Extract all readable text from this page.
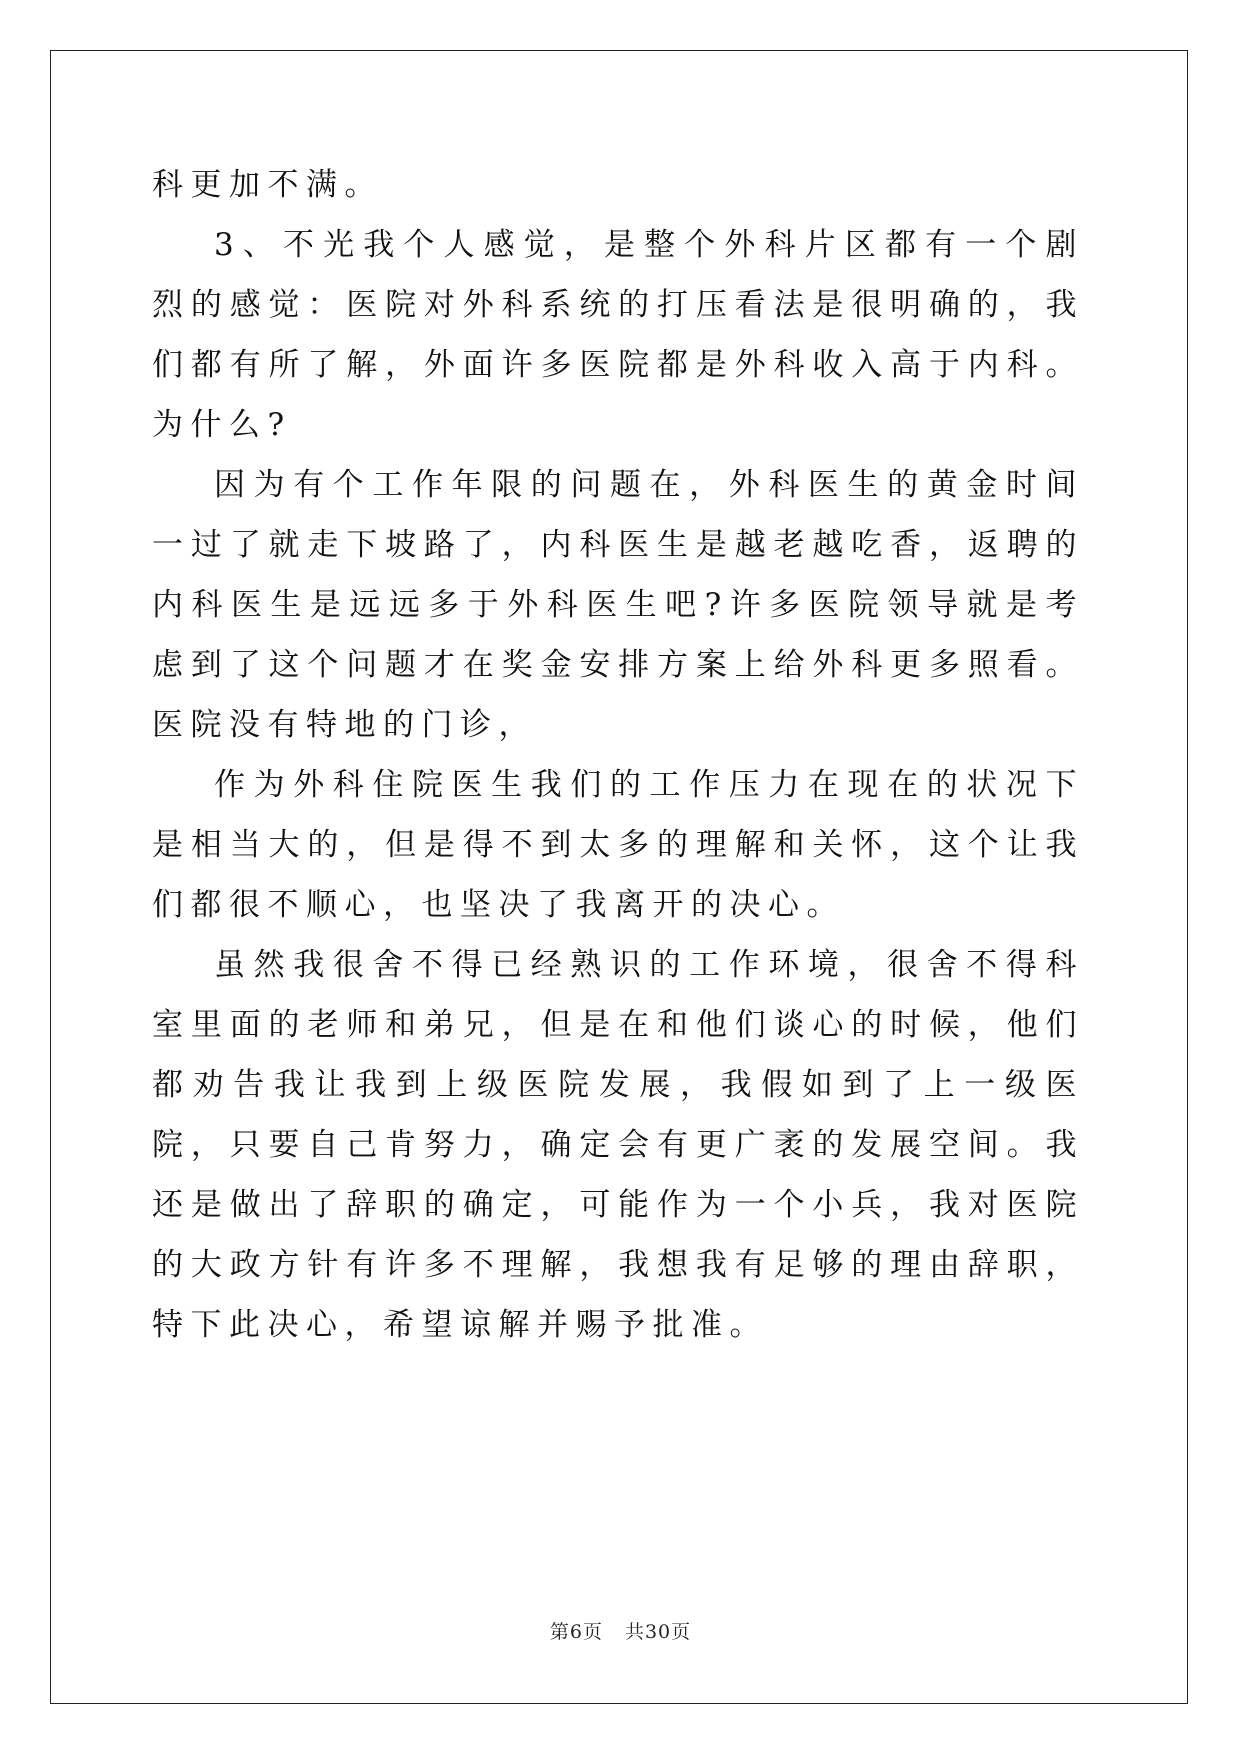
科更加不满。

3、不光我个人感觉，是整个外科片区都有一个剧烈的感觉：医院对外科系统的打压看法是很明确的，我们都有所了解，外面许多医院都是外科收入高于内科。为什么?

因为有个工作年限的问题在，外科医生的黄金时间一过了就走下坡路了，内科医生是越老越吃香，返聘的内科医生是远远多于外科医生吧?许多医院领导就是考虑到了这个问题才在奖金安排方案上给外科更多照看。医院没有特地的门诊，

作为外科住院医生我们的工作压力在现在的状况下是相当大的，但是得不到太多的理解和关怀，这个让我们都很不顺心，也坚决了我离开的决心。

虽然我很舍不得已经熟识的工作环境，很舍不得科室里面的老师和弟兄，但是在和他们谈心的时候，他们都劝告我让我到上级医院发展，我假如到了上一级医院，只要自己肯努力，确定会有更广袤的发展空间。我还是做出了辞职的确定，可能作为一个小兵，我对医院的大政方针有许多不理解，我想我有足够的理由辞职，特下此决心，希望谅解并赐予批准。

第6页 共30页
